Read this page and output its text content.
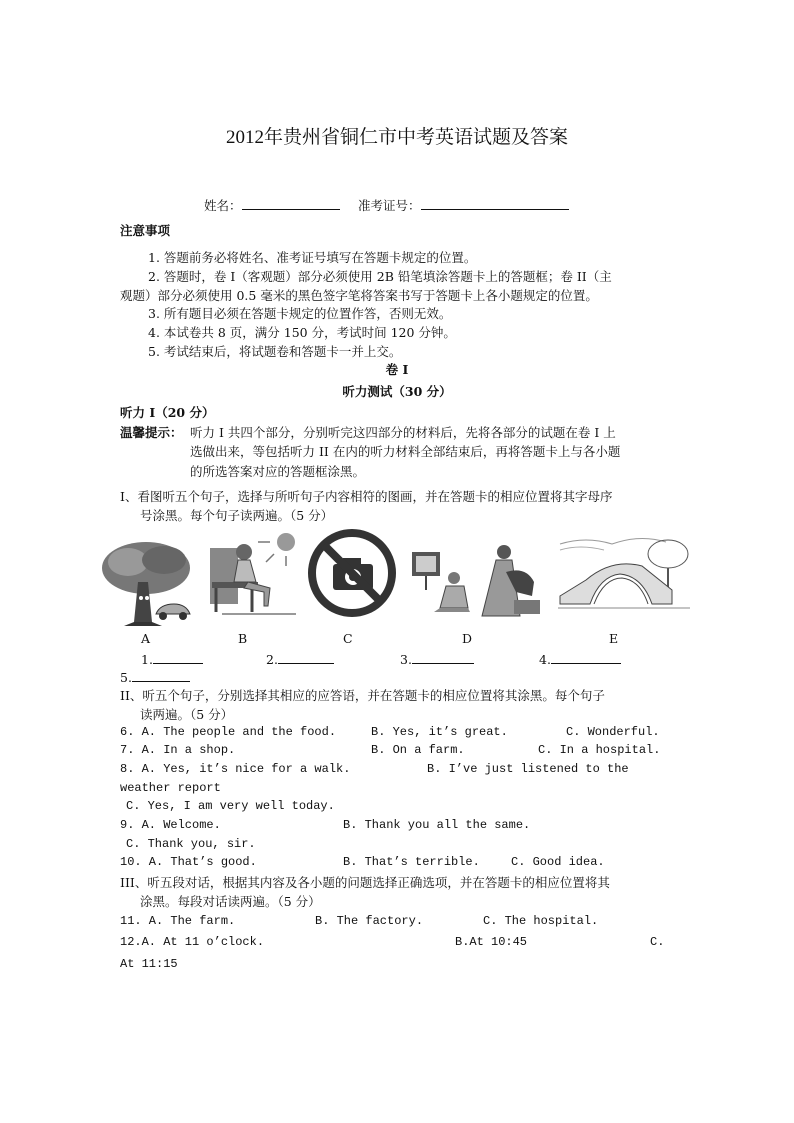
2012年贵州省铜仁市中考英语试题及答案
姓名：	准考证号：
注意事项
1. 答题前务必将姓名、准考证号填写在答题卡规定的位置。
2. 答题时，卷 I（客观题）部分必须使用 2B 铅笔填涂答题卡上的答题框；卷 II（主
观题）部分必须使用 0.5 毫米的黑色签字笔将答案书写于答题卡上各小题规定的位置。
3. 所有题目必须在答题卡规定的位置作答，否则无效。
4. 本试卷共 8 页，满分 150 分，考试时间 120 分钟。
5. 考试结束后，将试题卷和答题卡一并上交。
卷 I
听力测试（30 分）
听力 I（20 分）
温馨提示： 听力 I 共四个部分，分别听完这四部分的材料后，先将各部分的试题在卷 I 上
选做出来，等包括听力 II 在内的听力材料全部结束后，再将答题卡上与各小题
的所选答案对应的答题框涂黑。
I、看图听五个句子，选择与所听句子内容相符的图画，并在答题卡的相应位置将其字母序
号涂黑。每个句子读两遍。（5 分）
A	B	C	D	E
1.	2.	3.	4.
5.
II、听五个句子，分别选择其相应的应答语，并在答题卡的相应位置将其涂黑。每个句子
读两遍。（5 分）
6. A. The people and the food.	B. Yes, it’s great.	C. Wonderful.
7. A. In a shop.	B. On a farm.	C. In a hospital.
8. A. Yes, it’s nice for a walk.	B. I’ve just listened to the
weather report
C. Yes, I am very well today.
9. A. Welcome.	B. Thank you all the same.
C. Thank you, sir.
10. A. That’s good.	B. That’s terrible.	C. Good idea.
III、听五段对话，根据其内容及各小题的问题选择正确选项，并在答题卡的相应位置将其
涂黑。每段对话读两遍。（5 分）
11. A. The farm.	B. The factory.	C. The hospital.
12.A. At 11 o’clock.	B.At 10:45	C.
At 11:15
